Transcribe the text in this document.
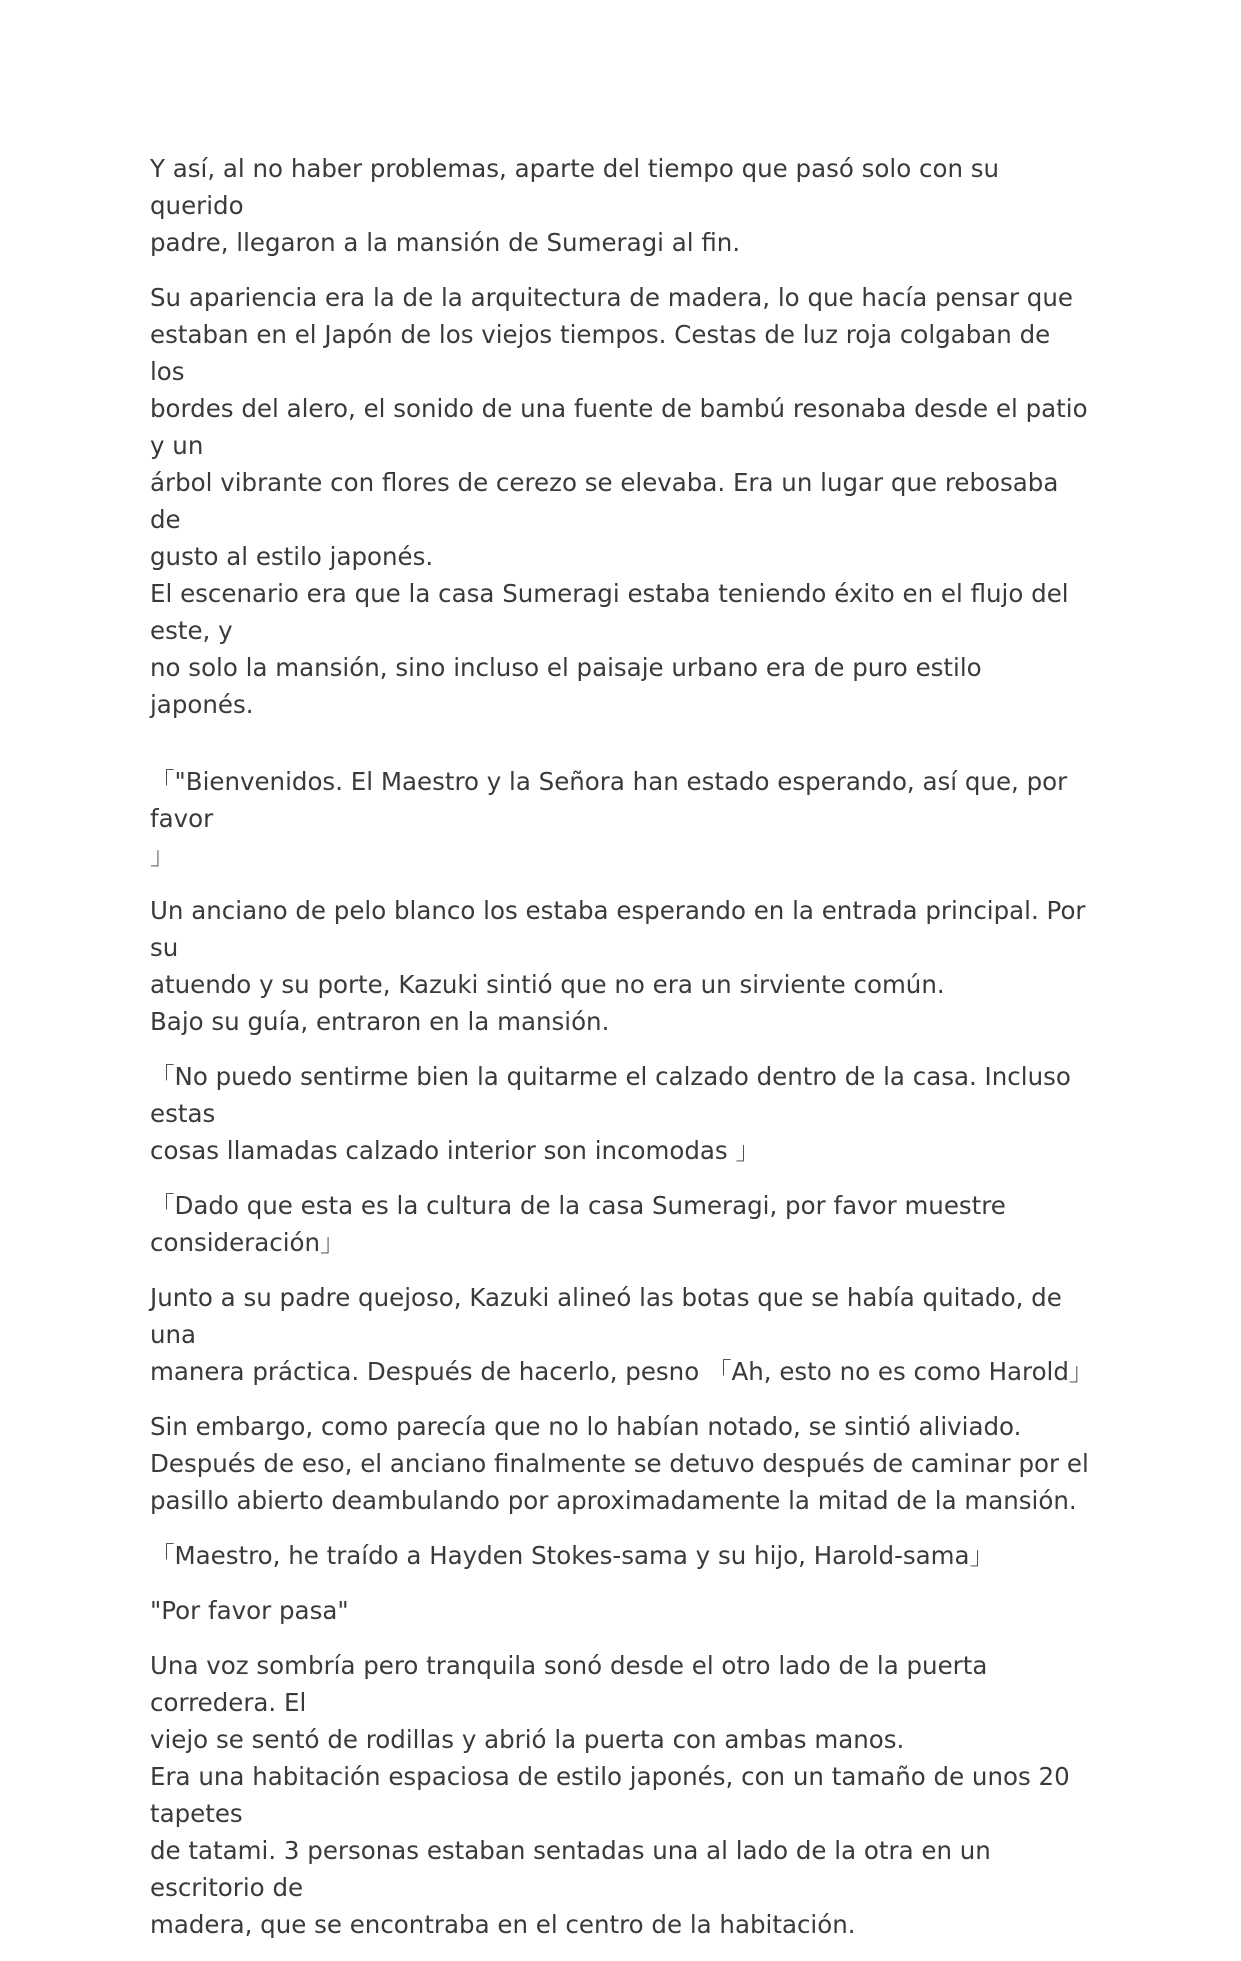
Y así, al no haber problemas, aparte del tiempo que pasó solo con su querido
padre, llegaron a la mansión de Sumeragi al fin.

Su apariencia era la de la arquitectura de madera, lo que hacía pensar que
estaban en el Japón de los viejos tiempos. Cestas de luz roja colgaban de los
bordes del alero, el sonido de una fuente de bambú resonaba desde el patio y un
árbol vibrante con flores de cerezo se elevaba. Era un lugar que rebosaba de
gusto al estilo japonés.
El escenario era que la casa Sumeragi estaba teniendo éxito en el flujo del este, y
no solo la mansión, sino incluso el paisaje urbano era de puro estilo japonés.

「"Bienvenidos. El Maestro y la Señora han estado esperando, así que, por favor
」

Un anciano de pelo blanco los estaba esperando en la entrada principal. Por su
atuendo y su porte, Kazuki sintió que no era un sirviente común.
Bajo su guía, entraron en la mansión.

「No puedo sentirme bien la quitarme el calzado dentro de la casa. Incluso estas
cosas llamadas calzado interior son incomodas 」

「Dado que esta es la cultura de la casa Sumeragi, por favor muestre
consideración」

Junto a su padre quejoso, Kazuki alineó las botas que se había quitado, de una
manera práctica. Después de hacerlo, pesno 「Ah, esto no es como Harold」

Sin embargo, como parecía que no lo habían notado, se sintió aliviado.
Después de eso, el anciano finalmente se detuvo después de caminar por el
pasillo abierto deambulando por aproximadamente la mitad de la mansión.

「Maestro, he traído a Hayden Stokes-sama y su hijo, Harold-sama」

"Por favor pasa"

Una voz sombría pero tranquila sonó desde el otro lado de la puerta corredera. El
viejo se sentó de rodillas y abrió la puerta con ambas manos.
Era una habitación espaciosa de estilo japonés, con un tamaño de unos 20 tapetes
de tatami. 3 personas estaban sentadas una al lado de la otra en un escritorio de
madera, que se encontraba en el centro de la habitación.
